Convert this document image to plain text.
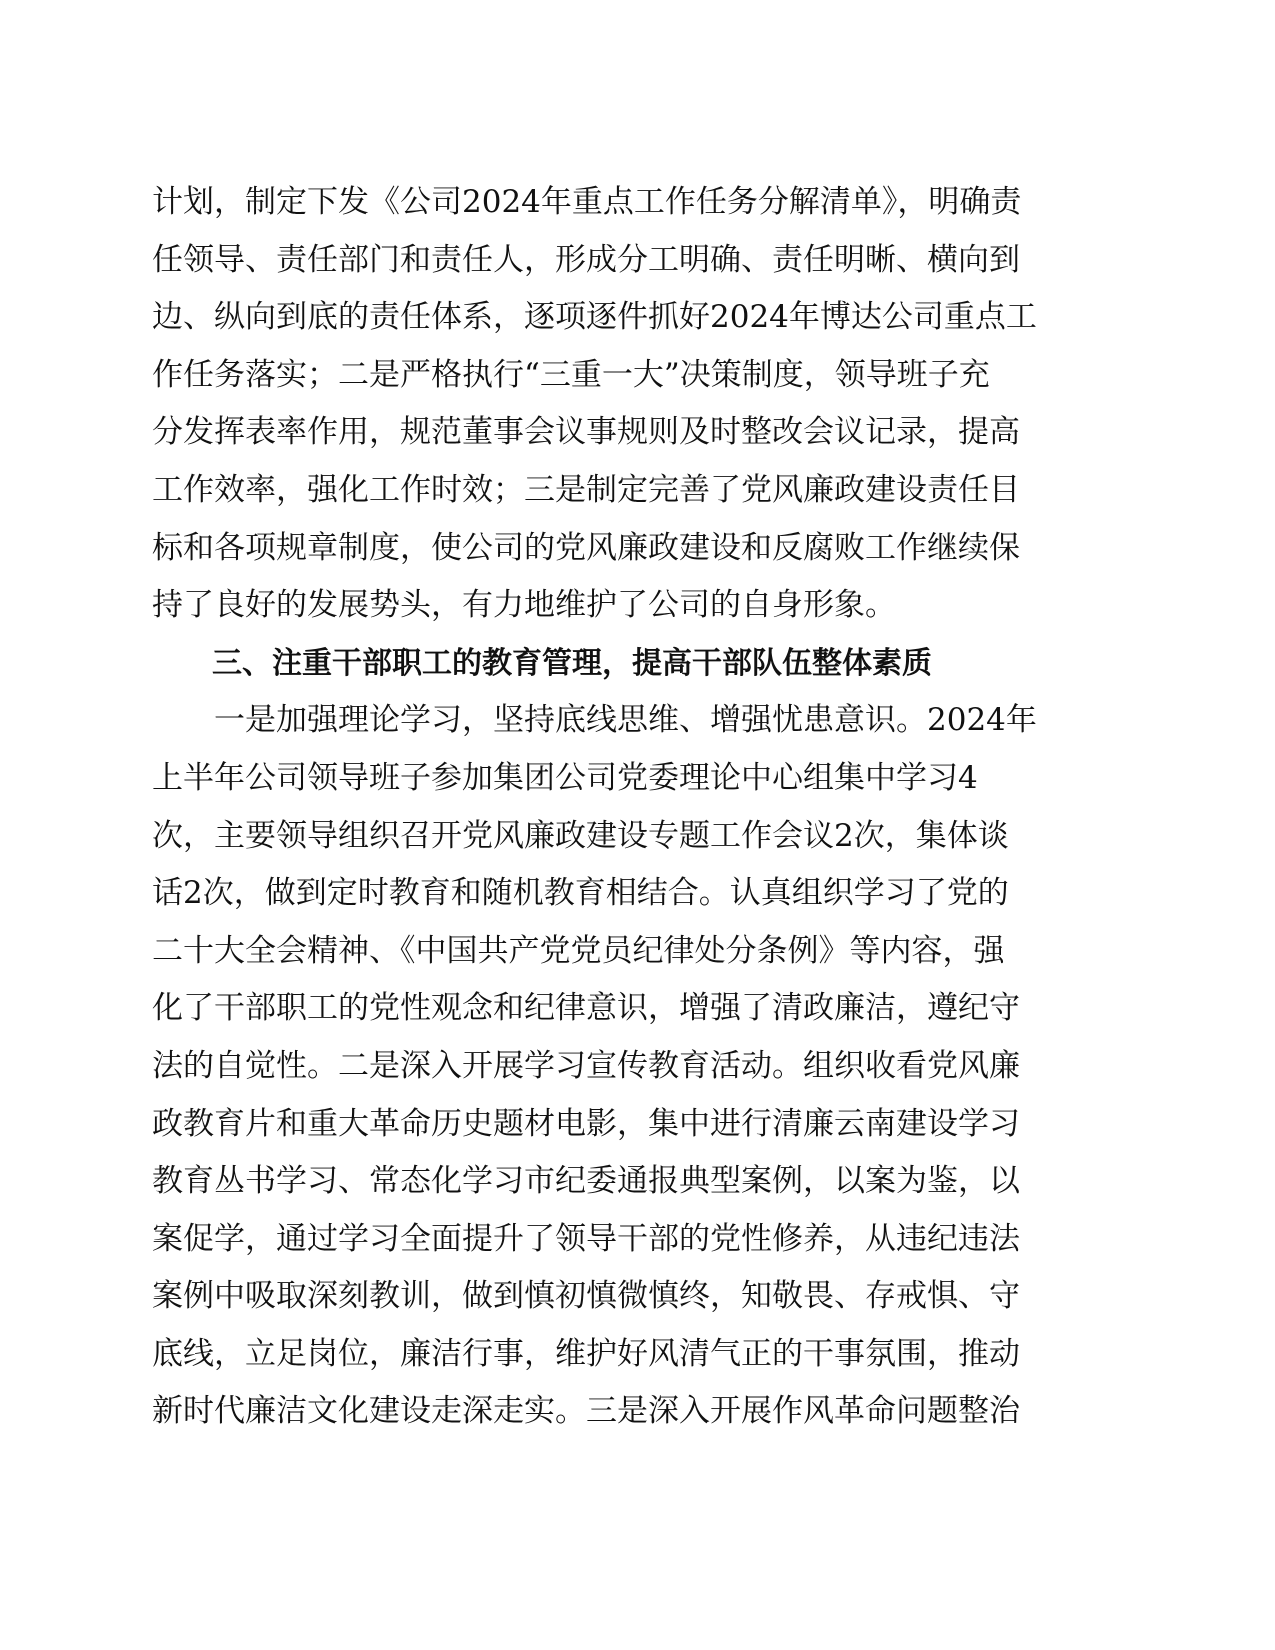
计划，制定下发《公司2024年重点工作任务分解清单》，明确责
任领导、责任部门和责任人，形成分工明确、责任明晰、横向到
边、纵向到底的责任体系，逐项逐件抓好2024年博达公司重点工
作任务落实；二是严格执行“三重一大”决策制度，领导班子充
分发挥表率作用，规范董事会议事规则及时整改会议记录，提高
工作效率，强化工作时效；三是制定完善了党风廉政建设责任目
标和各项规章制度，使公司的党风廉政建设和反腐败工作继续保
持了良好的发展势头，有力地维护了公司的自身形象。
　　三、注重干部职工的教育管理，提高干部队伍整体素质
　　一是加强理论学习，坚持底线思维、增强忧患意识。2024年
上半年公司领导班子参加集团公司党委理论中心组集中学习4
次，主要领导组织召开党风廉政建设专题工作会议2次，集体谈
话2次，做到定时教育和随机教育相结合。认真组织学习了党的
二十大全会精神、《中国共产党党员纪律处分条例》等内容，强
化了干部职工的党性观念和纪律意识，增强了清政廉洁，遵纪守
法的自觉性。二是深入开展学习宣传教育活动。组织收看党风廉
政教育片和重大革命历史题材电影，集中进行清廉云南建设学习
教育丛书学习、常态化学习市纪委通报典型案例，以案为鉴，以
案促学，通过学习全面提升了领导干部的党性修养，从违纪违法
案例中吸取深刻教训，做到慎初慎微慎终，知敬畏、存戒惧、守
底线，立足岗位，廉洁行事，维护好风清气正的干事氛围，推动
新时代廉洁文化建设走深走实。三是深入开展作风革命问题整治
